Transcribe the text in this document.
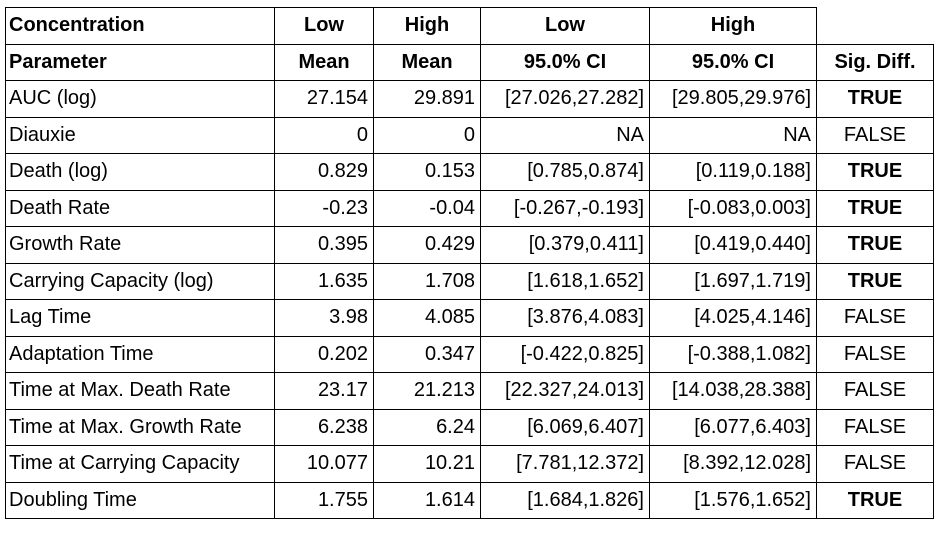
Concentration	Low	High	Low	High	
Parameter	Mean	Mean	95.0% CI	95.0% CI	Sig. Diff.
AUC (log)	27.154	29.891	[27.026,27.282]	[29.805,29.976]	TRUE
Diauxie	0	0	NA	NA	FALSE
Death (log)	0.829	0.153	[0.785,0.874]	[0.119,0.188]	TRUE
Death Rate	-0.23	-0.04	[-0.267,-0.193]	[-0.083,0.003]	TRUE
Growth Rate	0.395	0.429	[0.379,0.411]	[0.419,0.440]	TRUE
Carrying Capacity (log)	1.635	1.708	[1.618,1.652]	[1.697,1.719]	TRUE
Lag Time	3.98	4.085	[3.876,4.083]	[4.025,4.146]	FALSE
Adaptation Time	0.202	0.347	[-0.422,0.825]	[-0.388,1.082]	FALSE
Time at Max. Death Rate	23.17	21.213	[22.327,24.013]	[14.038,28.388]	FALSE
Time at Max. Growth Rate	6.238	6.24	[6.069,6.407]	[6.077,6.403]	FALSE
Time at Carrying Capacity	10.077	10.21	[7.781,12.372]	[8.392,12.028]	FALSE
Doubling Time	1.755	1.614	[1.684,1.826]	[1.576,1.652]	TRUE
